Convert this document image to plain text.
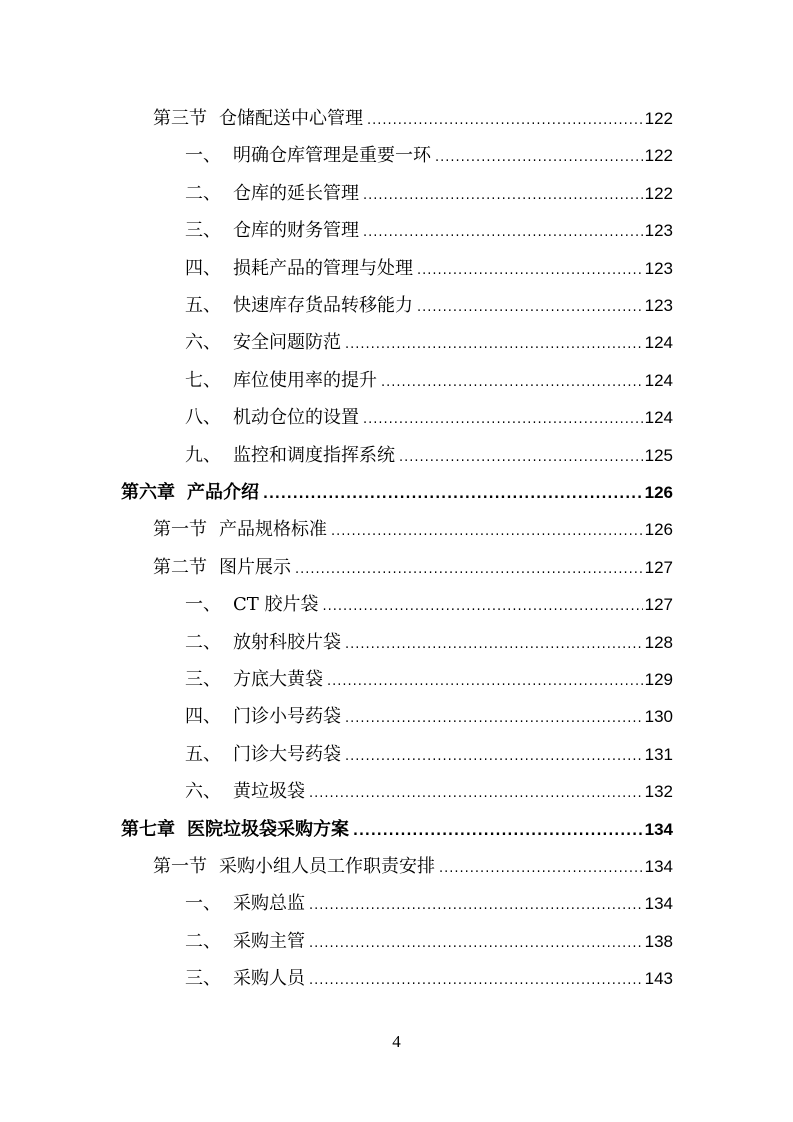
第三节 仓储配送中心管理 .....	122
一、 明确仓库管理是重要一环 .....	122
二、 仓库的延长管理 .....	122
三、 仓库的财务管理 .....	123
四、 损耗产品的管理与处理 .....	123
五、 快速库存货品转移能力 .....	123
六、 安全问题防范 .....	124
七、 库位使用率的提升 .....	124
八、 机动仓位的设置 .....	124
九、 监控和调度指挥系统 .....	125
第六章 产品介绍 .....	126
第一节 产品规格标准 .....	126
第二节 图片展示 .....	127
一、 CT 胶片袋 .....	127
二、 放射科胶片袋 .....	128
三、 方底大黄袋 .....	129
四、 门诊小号药袋 .....	130
五、 门诊大号药袋 .....	131
六、 黄垃圾袋 .....	132
第七章 医院垃圾袋采购方案 .....	134
第一节 采购小组人员工作职责安排 .....	134
一、 采购总监 .....	134
二、 采购主管 .....	138
三、 采购人员 .....	143
4
